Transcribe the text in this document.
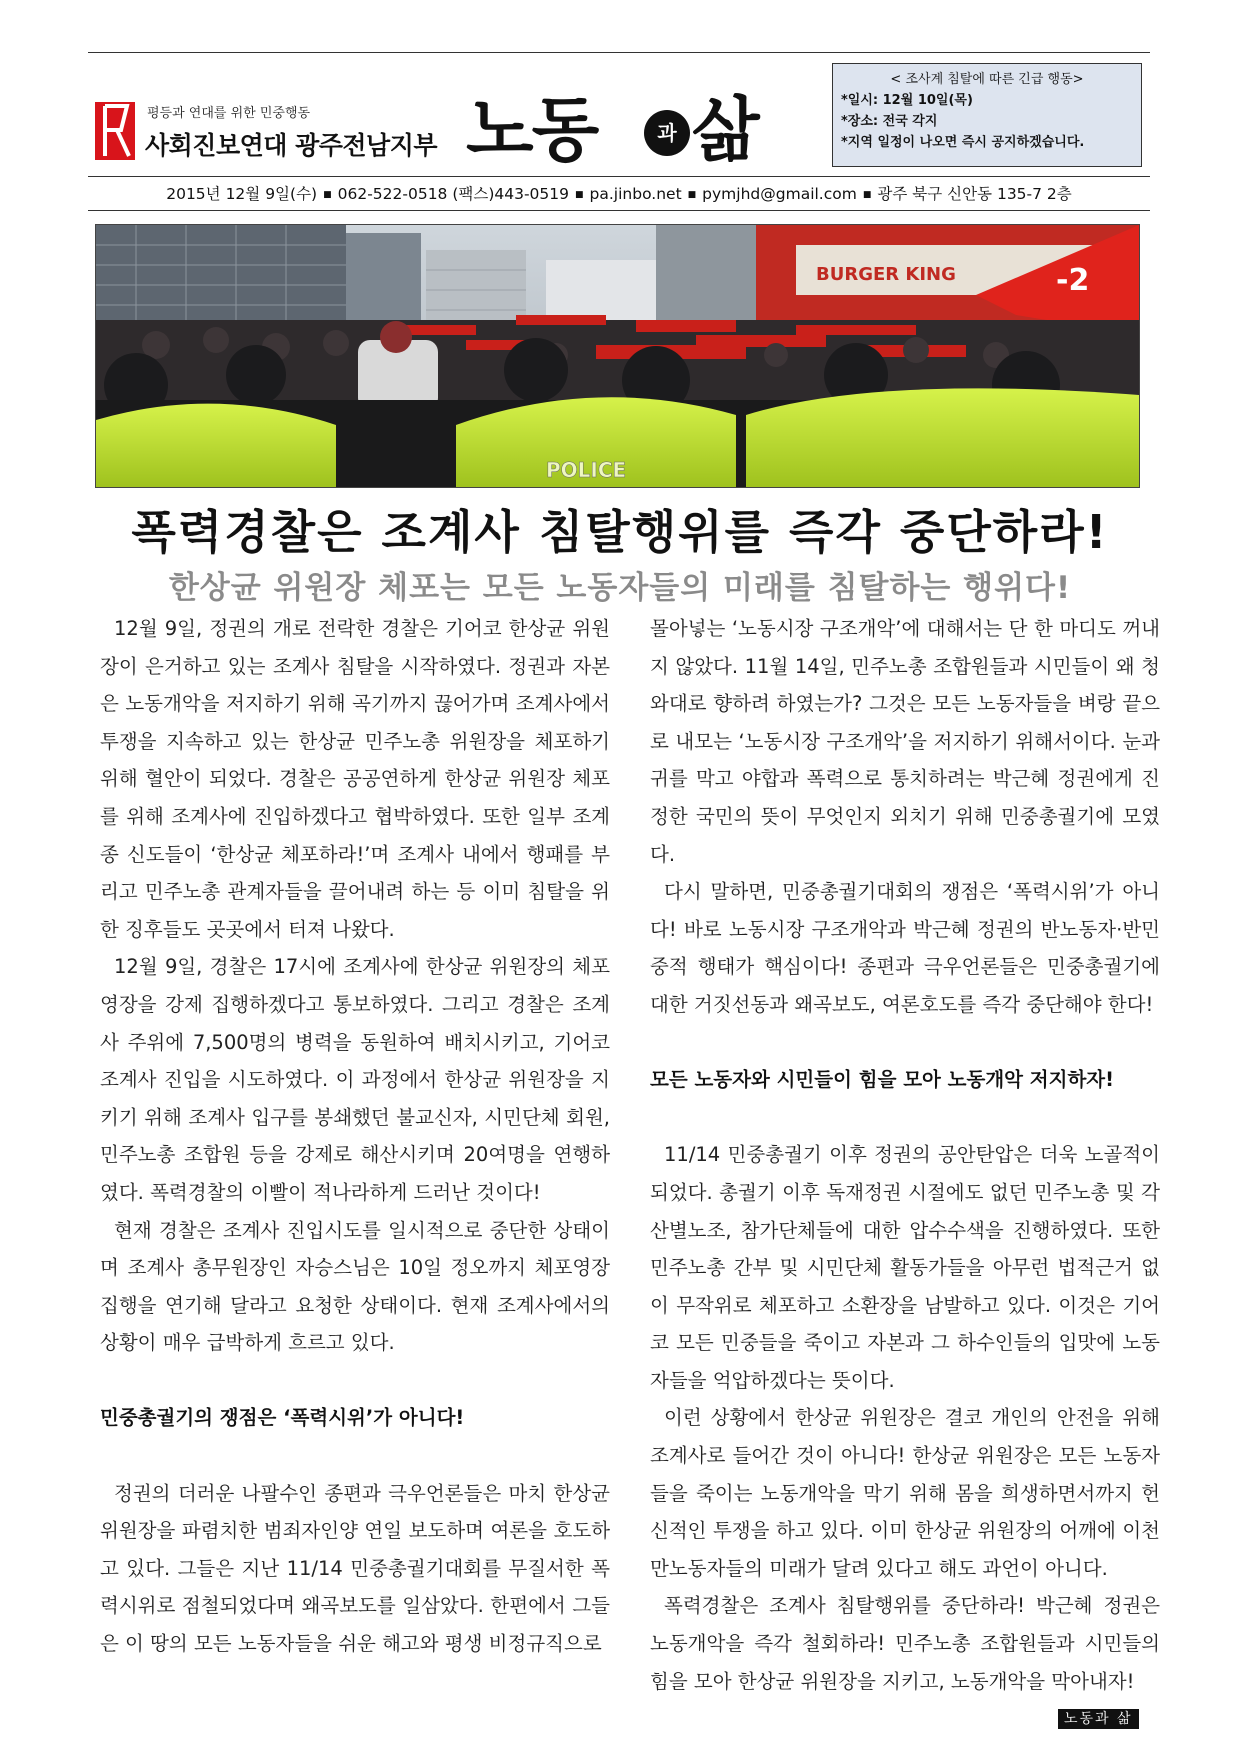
평등과 연대를 위한 민중행동
사회진보연대 광주전남지부 노동	과 삶
< 조사계 침탈에 따른 긴급 행동>
*일시: 12월 10일(목)
*장소: 전국 각지
*지역 일정이 나오면 즉시 공지하겠습니다.
2015년 12월 9일(수) ■ 062-522-0518 (팩스)443-0519 ■ pa.jinbo.net ■ pymjhd@gmail.com ■ 광주 북구 신안동 135-7 2층
BURGER KING	-2
POLICE
폭력경찰은 조계사 침탈행위를 즉각 중단하라!
한상균 위원장 체포는 모든 노동자들의 미래를 침탈하는 행위다!

12월 9일, 정권의 개로 전락한 경찰은 기어코 한상균 위원장이 은거하고 있는 조계사 침탈을 시작하였다. 정권과 자본은 노동개악을 저지하기 위해 곡기까지 끊어가며 조계사에서 투쟁을 지속하고 있는 한상균 민주노총 위원장을 체포하기 위해 혈안이 되었다. 경찰은 공공연하게 한상균 위원장 체포를 위해 조계사에 진입하겠다고 협박하였다. 또한 일부 조계종 신도들이 ‘한상균 체포하라!’며 조계사 내에서 행패를 부리고 민주노총 관계자들을 끌어내려 하는 등 이미 침탈을 위한 징후들도 곳곳에서 터져 나왔다.

12월 9일, 경찰은 17시에 조계사에 한상균 위원장의 체포영장을 강제 집행하겠다고 통보하였다. 그리고 경찰은 조계사 주위에 7,500명의 병력을 동원하여 배치시키고, 기어코 조계사 진입을 시도하였다. 이 과정에서 한상균 위원장을 지키기 위해 조계사 입구를 봉쇄했던 불교신자, 시민단체 회원, 민주노총 조합원 등을 강제로 해산시키며 20여명을 연행하였다. 폭력경찰의 이빨이 적나라하게 드러난 것이다!

현재 경찰은 조계사 진입시도를 일시적으로 중단한 상태이며 조계사 총무원장인 자승스님은 10일 정오까지 체포영장 집행을 연기해 달라고 요청한 상태이다. 현재 조계사에서의 상황이 매우 급박하게 흐르고 있다.

민중총궐기의 쟁점은 ‘폭력시위’가 아니다!

정권의 더러운 나팔수인 종편과 극우언론들은 마치 한상균 위원장을 파렴치한 범죄자인양 연일 보도하며 여론을 호도하고 있다. 그들은 지난 11/14 민중총궐기대회를 무질서한 폭력시위로 점철되었다며 왜곡보도를 일삼았다. 한편에서 그들은 이 땅의 모든 노동자들을 쉬운 해고와 평생 비정규직으로

몰아넣는 ‘노동시장 구조개악’에 대해서는 단 한 마디도 꺼내지 않았다. 11월 14일, 민주노총 조합원들과 시민들이 왜 청와대로 향하려 하였는가? 그것은 모든 노동자들을 벼랑 끝으로 내모는 ‘노동시장 구조개악’을 저지하기 위해서이다. 눈과 귀를 막고 야합과 폭력으로 통치하려는 박근혜 정권에게 진정한 국민의 뜻이 무엇인지 외치기 위해 민중총궐기에 모였다.

다시 말하면, 민중총궐기대회의 쟁점은 ‘폭력시위’가 아니다! 바로 노동시장 구조개악과 박근혜 정권의 반노동자·반민중적 행태가 핵심이다! 종편과 극우언론들은 민중총궐기에 대한 거짓선동과 왜곡보도, 여론호도를 즉각 중단해야 한다!

모든 노동자와 시민들이 힘을 모아 노동개악 저지하자!

11/14 민중총궐기 이후 정권의 공안탄압은 더욱 노골적이 되었다. 총궐기 이후 독재정권 시절에도 없던 민주노총 및 각 산별노조, 참가단체들에 대한 압수수색을 진행하였다. 또한 민주노총 간부 및 시민단체 활동가들을 아무런 법적근거 없이 무작위로 체포하고 소환장을 남발하고 있다. 이것은 기어코 모든 민중들을 죽이고 자본과 그 하수인들의 입맛에 노동자들을 억압하겠다는 뜻이다.

이런 상황에서 한상균 위원장은 결코 개인의 안전을 위해 조계사로 들어간 것이 아니다! 한상균 위원장은 모든 노동자들을 죽이는 노동개악을 막기 위해 몸을 희생하면서까지 헌신적인 투쟁을 하고 있다. 이미 한상균 위원장의 어깨에 이천만노동자들의 미래가 달려 있다고 해도 과언이 아니다.

폭력경찰은 조계사 침탈행위를 중단하라! 박근혜 정권은 노동개악을 즉각 철회하라! 민주노총 조합원들과 시민들의 힘을 모아 한상균 위원장을 지키고, 노동개악을 막아내자!

노동과 삶
